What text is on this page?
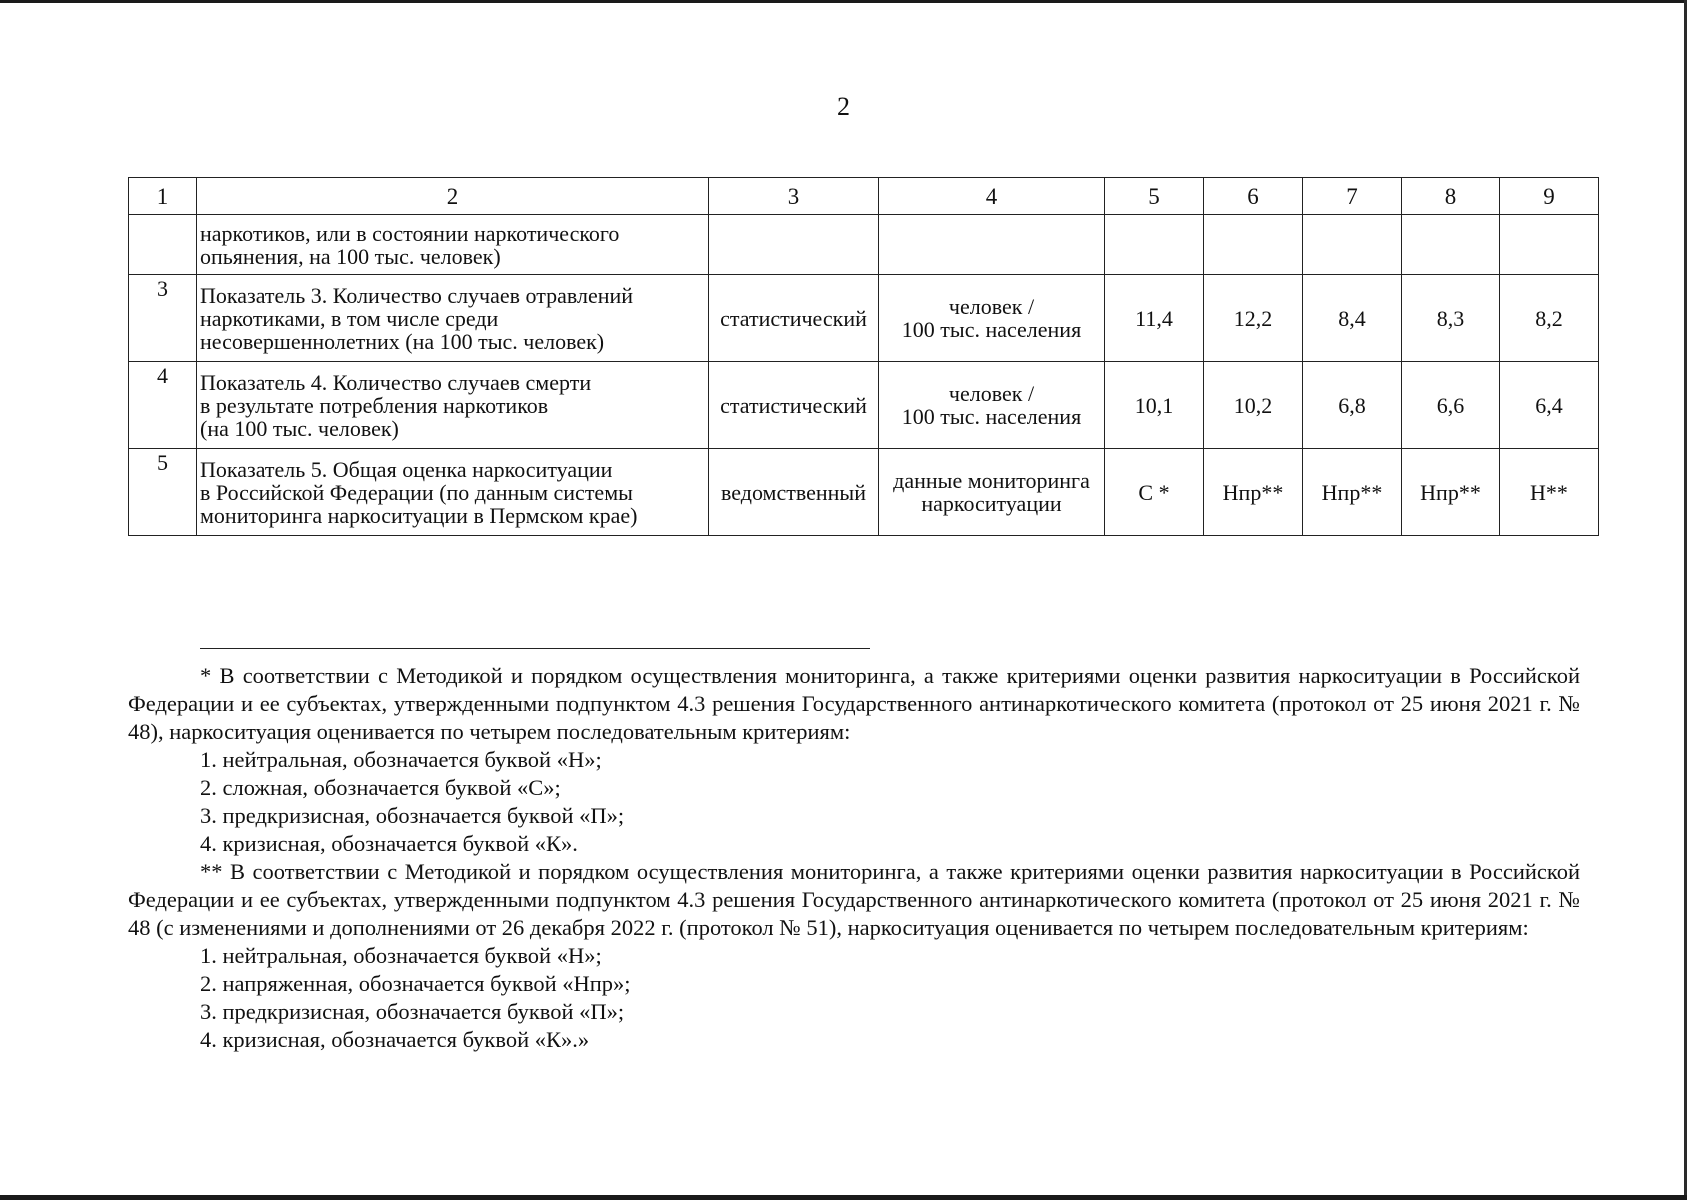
2
1	2	3	4	5	6	7	8	9

	наркотиков, или в состоянии наркотического
опьянения, на 100 тыс. человек)							

3	Показатель 3. Количество случаев отравлений
наркотиками, в том числе среди
несовершеннолетних (на 100 тыс. человек)	статистический	человек /
100 тыс. населения	11,4	12,2	8,4	8,3	8,2
4	Показатель 4. Количество случаев смерти
в результате потребления наркотиков
(на 100 тыс. человек)	статистический	человек /
100 тыс. населения	10,1	10,2	6,8	6,6	6,4
5	Показатель 5. Общая оценка наркоситуации
в Российской Федерации (по данным системы
мониторинга наркоситуации в Пермском крае)	ведомственный	данные мониторинга
наркоситуации	С *	Нпр**	Нпр**	Нпр**	Н**

* В соответствии с Методикой и порядком осуществления мониторинга, а также критериями оценки развития наркоситуации в Российской Федерации и ее субъектах, утвержденными подпунктом 4.3 решения Государственного антинаркотического комитета (протокол от 25 июня 2021 г. № 48), наркоситуация оценивается по четырем последовательным критериям:

1. нейтральная, обозначается буквой «Н»;
2. сложная, обозначается буквой «С»;
3. предкризисная, обозначается буквой «П»;
4. кризисная, обозначается буквой «К».

** В соответствии с Методикой и порядком осуществления мониторинга, а также критериями оценки развития наркоситуации в Российской Федерации и ее субъектах, утвержденными подпунктом 4.3 решения Государственного антинаркотического комитета (протокол от 25 июня 2021 г. № 48 (с изменениями и дополнениями от 26 декабря 2022 г. (протокол № 51), наркоситуация оценивается по четырем последовательным критериям:

1. нейтральная, обозначается буквой «Н»;
2. напряженная, обозначается буквой «Нпр»;
3. предкризисная, обозначается буквой «П»;
4. кризисная, обозначается буквой «К».»
